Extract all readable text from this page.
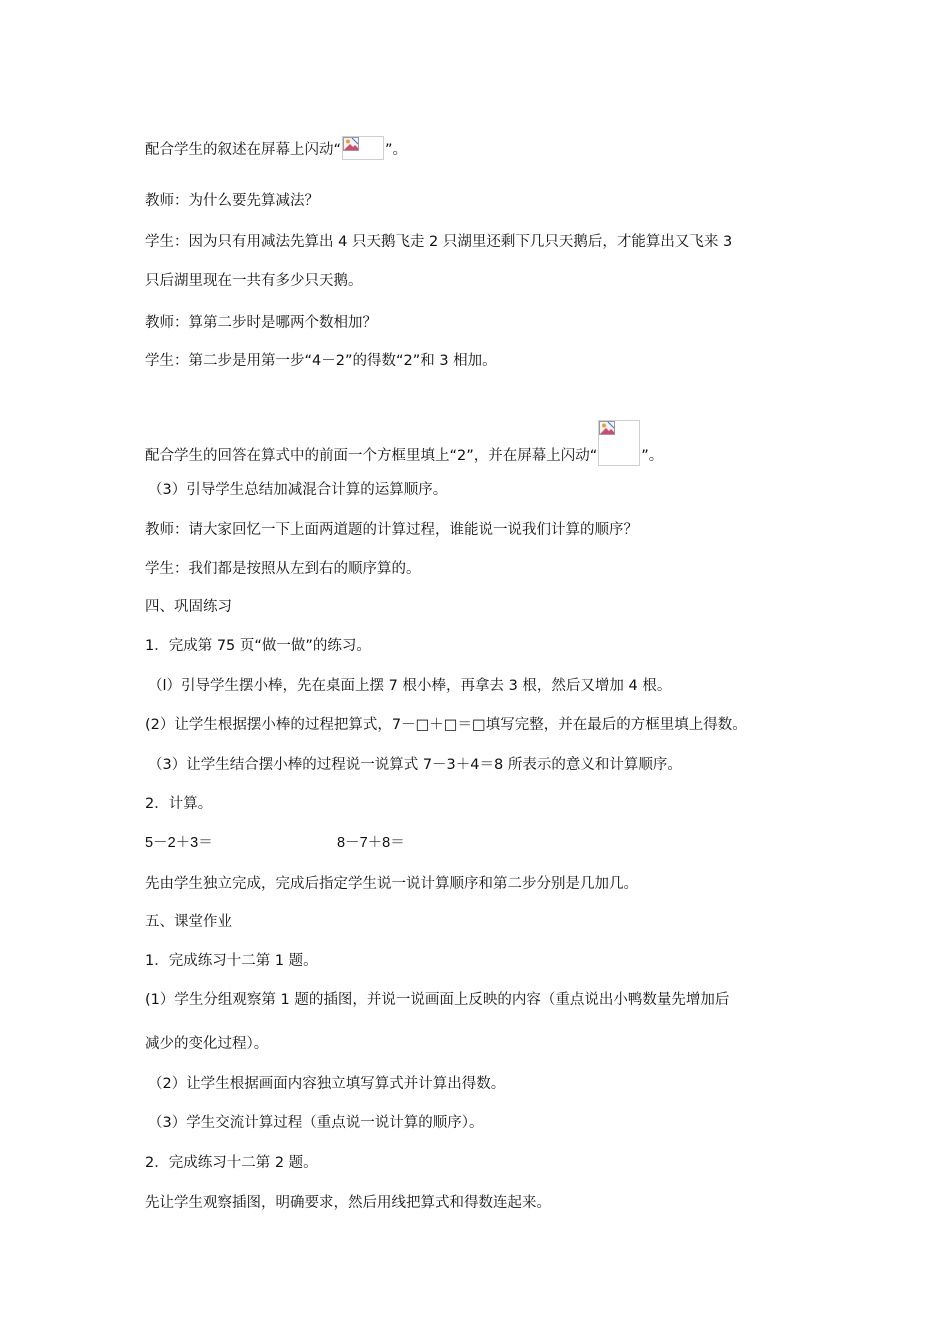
配合学生的叙述在屏幕上闪动“	”。
教师：为什么要先算减法？
学生：因为只有用减法先算出 4 只天鹅飞走 2 只湖里还剩下几只天鹅后，才能算出又飞来 3
只后湖里现在一共有多少只天鹅。
教师：算第二步时是哪两个数相加？
学生：第二步是用第一步“4－2”的得数“2”和 3 相加。
配合学生的回答在算式中的前面一个方框里填上“2”，并在屏幕上闪动“	”。
（3）引导学生总结加减混合计算的运算顺序。
教师：请大家回忆一下上面两道题的计算过程，谁能说一说我们计算的顺序？
学生：我们都是按照从左到右的顺序算的。
四、巩固练习
1．完成第 75 页“做一做”的练习。
（l）引导学生摆小棒，先在桌面上摆 7 根小棒，再拿去 3 根，然后又增加 4 根。
(2）让学生根据摆小棒的过程把算式，7－□＋□＝□填写完整，并在最后的方框里填上得数。
（3）让学生结合摆小棒的过程说一说算式 7－3＋4＝8 所表示的意义和计算顺序。
2．计算。
5－2＋3＝	8－7＋8＝
先由学生独立完成，完成后指定学生说一说计算顺序和第二步分别是几加几。
五、课堂作业
1．完成练习十二第 1 题。
(1）学生分组观察第 1 题的插图，并说一说画面上反映的内容（重点说出小鸭数量先增加后
减少的变化过程）。
（2）让学生根据画面内容独立填写算式并计算出得数。
（3）学生交流计算过程（重点说一说计算的顺序）。
2．完成练习十二第 2 题。
先让学生观察插图，明确要求，然后用线把算式和得数连起来。
